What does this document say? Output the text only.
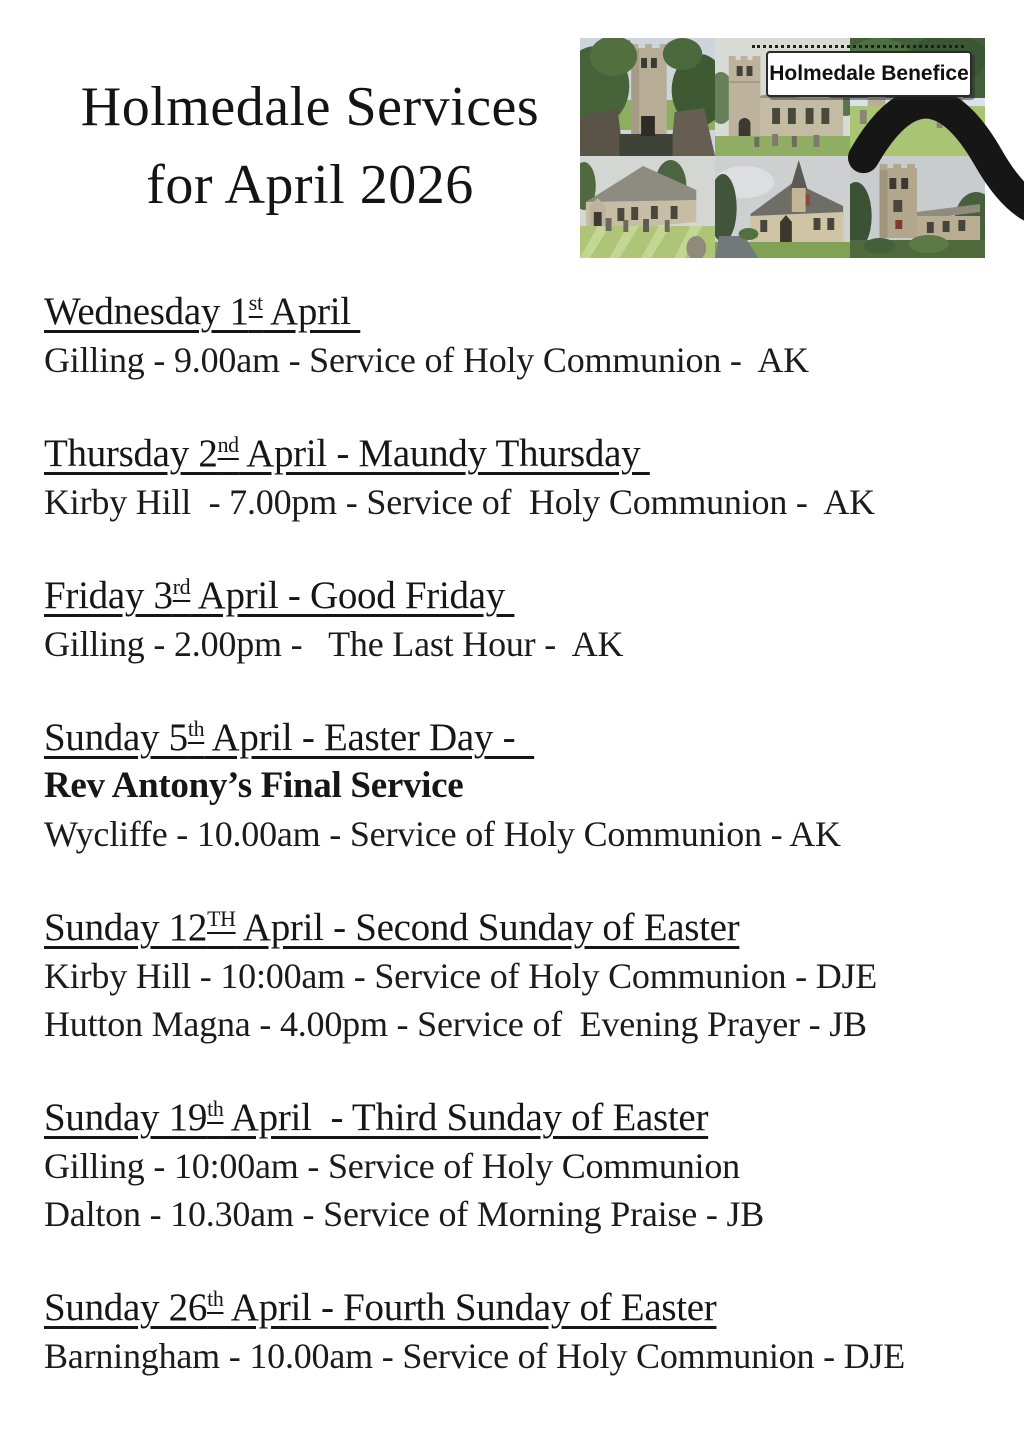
Holmedale Services
for April 2026
Holmedale Benefice
Wednesday 1st April

Gilling - 9.00am - Service of Holy Communion -  AK

Thursday 2nd April - Maundy Thursday

Kirby Hill  - 7.00pm - Service of  Holy Communion -  AK

Friday 3rd April - Good Friday

Gilling - 2.00pm -   The Last Hour -  AK

Sunday 5th April - Easter Day -

Rev Antony’s Final Service

Wycliffe - 10.00am - Service of Holy Communion - AK

Sunday 12TH April - Second Sunday of Easter

Kirby Hill - 10:00am - Service of Holy Communion - DJE

Hutton Magna - 4.00pm - Service of  Evening Prayer - JB

Sunday 19th April  - Third Sunday of Easter

Gilling - 10:00am - Service of Holy Communion

Dalton - 10.30am - Service of Morning Praise - JB

Sunday 26th April - Fourth Sunday of Easter

Barningham - 10.00am - Service of Holy Communion - DJE
